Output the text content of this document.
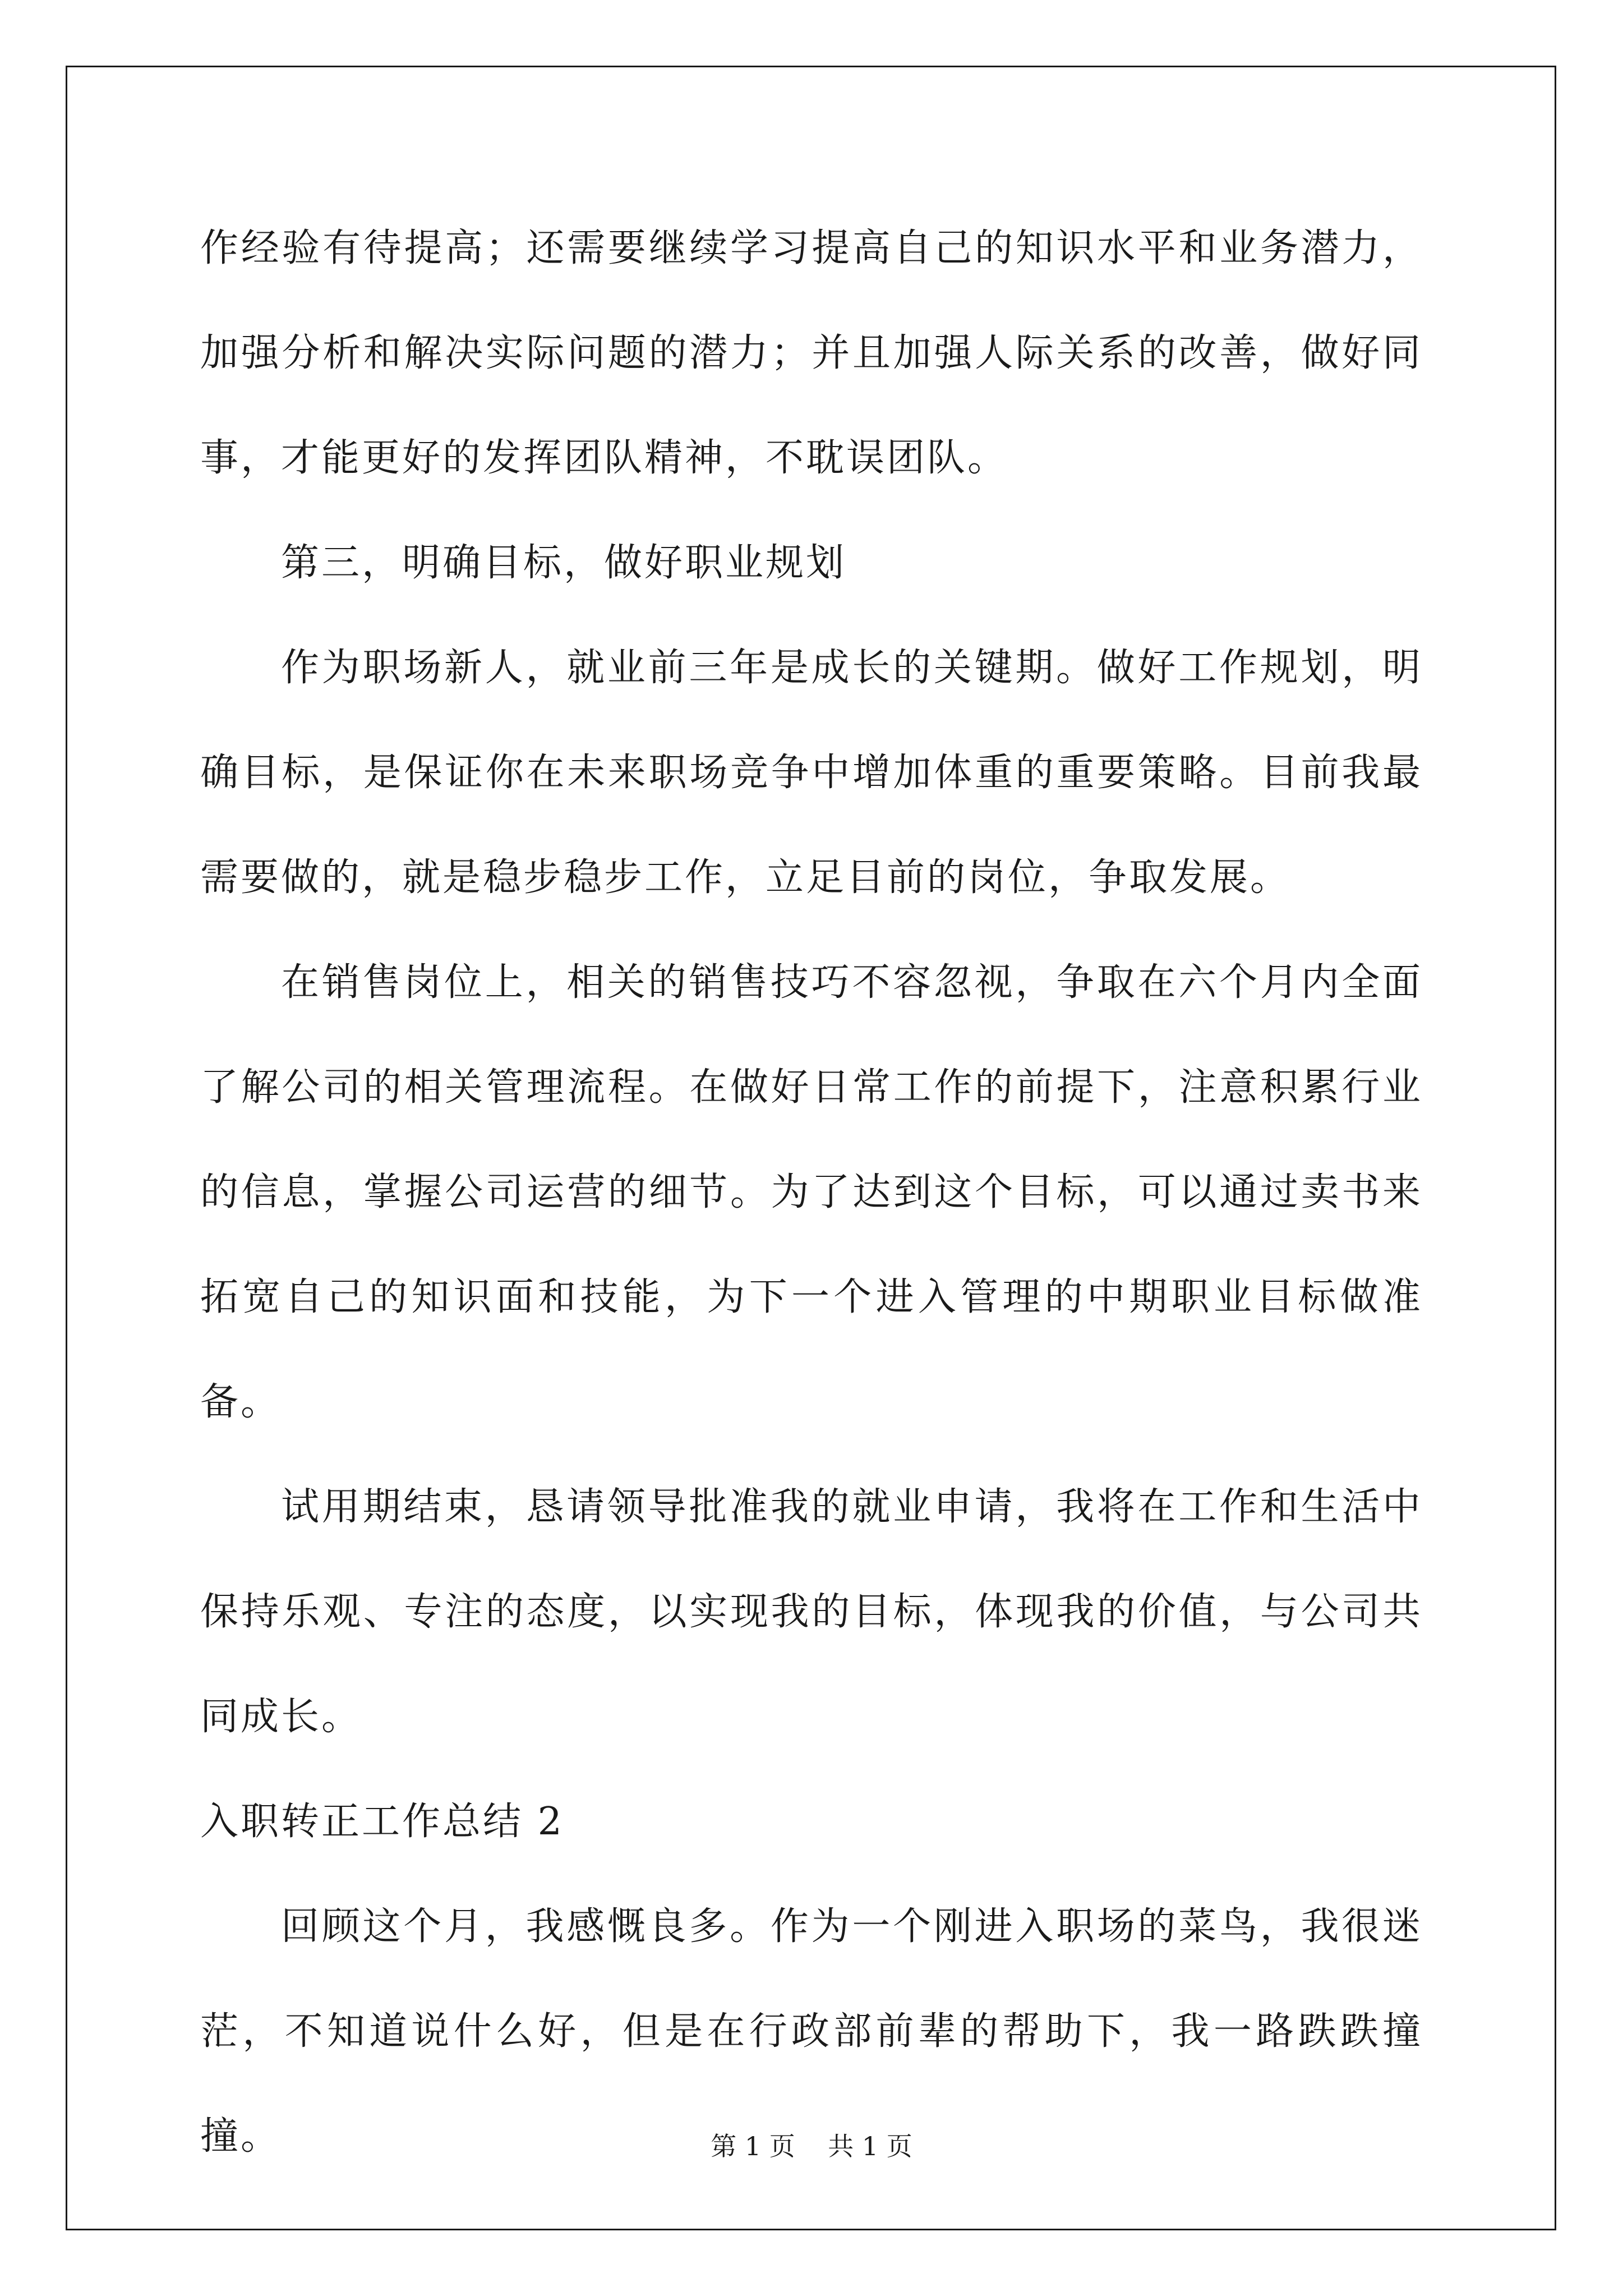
作经验有待提高；还需要继续学习提高自己的知识水平和业务潜力，加强分析和解决实际问题的潜力；并且加强人际关系的改善，做好同事，才能更好的发挥团队精神，不耽误团队。

第三，明确目标，做好职业规划

作为职场新人，就业前三年是成长的关键期。做好工作规划，明确目标，是保证你在未来职场竞争中增加体重的重要策略。目前我最需要做的，就是稳步稳步工作，立足目前的岗位，争取发展。

在销售岗位上，相关的销售技巧不容忽视，争取在六个月内全面了解公司的相关管理流程。在做好日常工作的前提下，注意积累行业的信息，掌握公司运营的细节。为了达到这个目标，可以通过卖书来拓宽自己的知识面和技能，为下一个进入管理的中期职业目标做准备。

试用期结束，恳请领导批准我的就业申请，我将在工作和生活中保持乐观、专注的态度，以实现我的目标，体现我的价值，与公司共同成长。

入职转正工作总结 2

回顾这个月，我感慨良多。作为一个刚进入职场的菜鸟，我很迷茫，不知道说什么好，但是在行政部前辈的帮助下，我一路跌跌撞撞。	第 1 页    共 1 页
